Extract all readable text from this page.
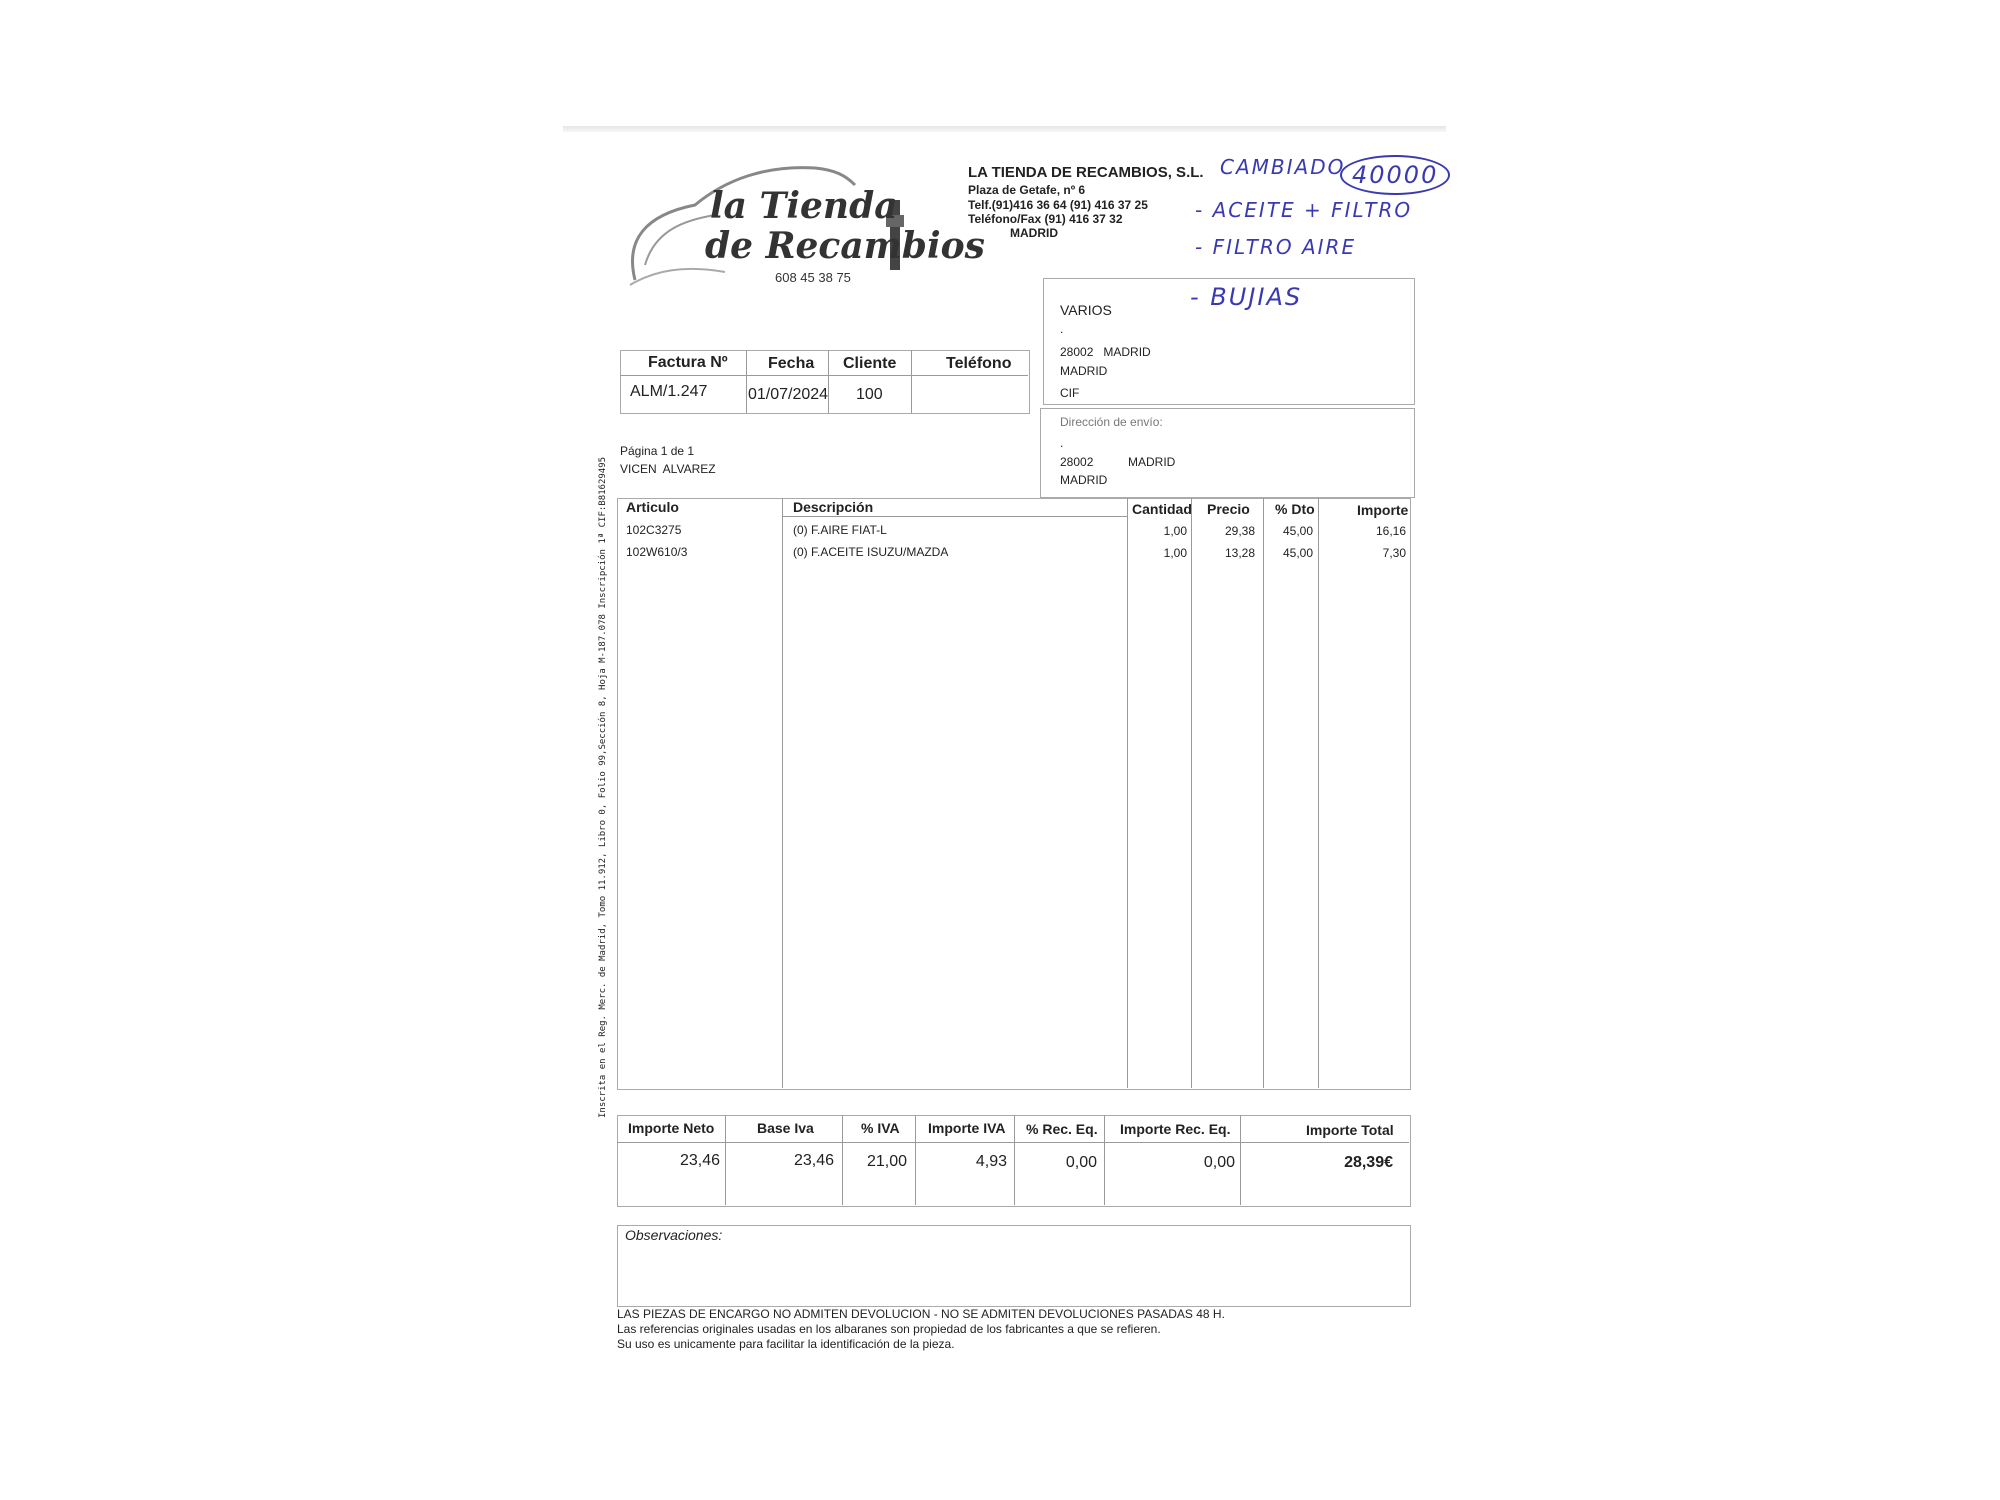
la Tienda
de Recambios
608 45 38 75
LA TIENDA DE RECAMBIOS, S.L.
Plaza de Getafe, nº 6
Telf.(91)416 36 64 (91) 416 37 25
Teléfono/Fax (91) 416 37 32
MADRID
CAMBIADO 40000
- ACEITE + FILTRO
- FILTRO AIRE
- BUJIAS
VARIOS
.
28002   MADRID
MADRID
CIF
Dirección de envío:
.
28002	MADRID
MADRID
Factura Nº	Fecha Cliente	Teléfono
ALM/1.247	01/07/2024 100
Página 1 de 1
VICEN  ALVAREZ
Inscrita en el Reg. Merc. de Madrid, Tomo 11.912, Libro 0, Folio 99,Sección 8, Hoja M-187.078 Inscripción 1ª CIF:B81629495 Articulo	Descripción	Cantidad Precio % Dto	Importe
102C3275	(0) F.AIRE FIAT-L	1,00	29,38 45,00	16,16
102W610/3	(0) F.ACEITE ISUZU/MAZDA	1,00	13,28 45,00	7,30
Importe Neto	Base Iva	% IVA Importe IVA % Rec. Eq. Importe Rec. Eq.	Importe Total
23,46	23,46 21,00	4,93	0,00	0,00	28,39€
Observaciones:
LAS PIEZAS DE ENCARGO NO ADMITEN DEVOLUCION - NO SE ADMITEN DEVOLUCIONES PASADAS 48 H.
Las referencias originales usadas en los albaranes son propiedad de los fabricantes a que se refieren.
Su uso es unicamente para facilitar la identificación de la pieza.
